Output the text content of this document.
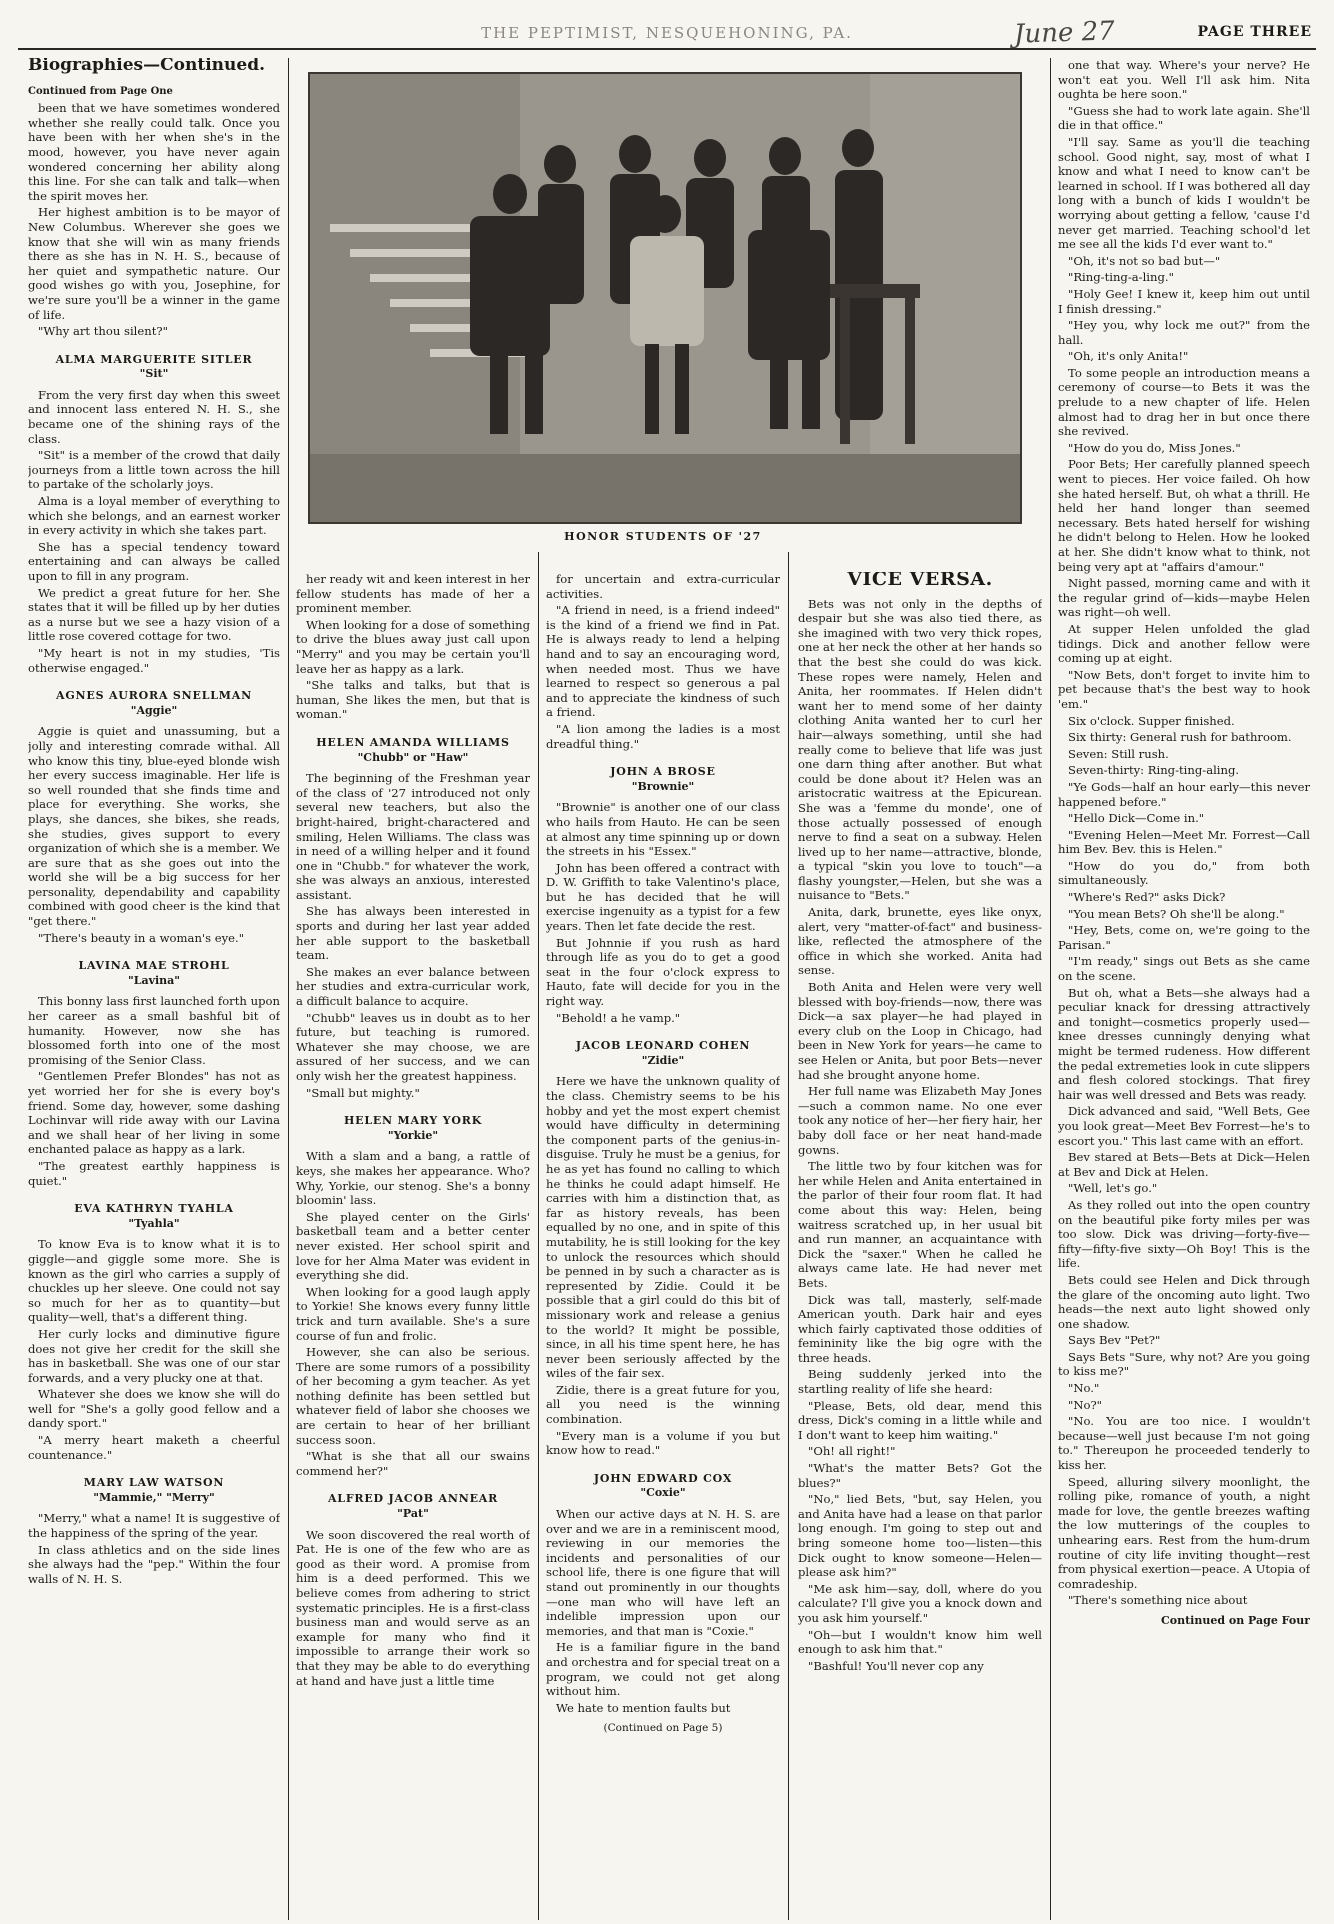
THE PEPTIMIST, NESQUEHONING, PA.	June 27	PAGE THREE
HONOR STUDENTS OF '27

Biographies—Continued.

Continued from Page One

been that we have sometimes wondered whether she really could talk. Once you have been with her when she's in the mood, however, you have never again wondered concerning her ability along this line. For she can talk and talk—when the spirit moves her.

Her highest ambition is to be mayor of New Columbus. Wherever she goes we know that she will win as many friends there as she has in N. H. S., because of her quiet and sympathetic nature. Our good wishes go with you, Josephine, for we're sure you'll be a winner in the game of life.

"Why art thou silent?"

ALMA MARGUERITE SITLER
"Sit"

From the very first day when this sweet and innocent lass entered N. H. S., she became one of the shining rays of the class.

"Sit" is a member of the crowd that daily journeys from a little town across the hill to partake of the scholarly joys.

Alma is a loyal member of everything to which she belongs, and an earnest worker in every activity in which she takes part.

She has a special tendency toward entertaining and can always be called upon to fill in any program.

We predict a great future for her. She states that it will be filled up by her duties as a nurse but we see a hazy vision of a little rose covered cottage for two.

"My heart is not in my studies, 'Tis otherwise engaged."

AGNES AURORA SNELLMAN
"Aggie"

Aggie is quiet and unassuming, but a jolly and interesting comrade withal. All who know this tiny, blue-eyed blonde wish her every success imaginable. Her life is so well rounded that she finds time and place for everything. She works, she plays, she dances, she bikes, she reads, she studies, gives support to every organization of which she is a member. We are sure that as she goes out into the world she will be a big success for her personality, dependability and capability combined with good cheer is the kind that "get there."

"There's beauty in a woman's eye."

LAVINA MAE STROHL
"Lavina"

This bonny lass first launched forth upon her career as a small bashful bit of humanity. However, now she has blossomed forth into one of the most promising of the Senior Class.

"Gentlemen Prefer Blondes" has not as yet worried her for she is every boy's friend. Some day, however, some dashing Lochinvar will ride away with our Lavina and we shall hear of her living in some enchanted palace as happy as a lark.

"The greatest earthly happiness is quiet."

EVA KATHRYN TYAHLA
"Tyahla"

To know Eva is to know what it is to giggle—and giggle some more. She is known as the girl who carries a supply of chuckles up her sleeve. One could not say so much for her as to quantity—but quality—well, that's a different thing.

Her curly locks and diminutive figure does not give her credit for the skill she has in basketball. She was one of our star forwards, and a very plucky one at that.

Whatever she does we know she will do well for "She's a golly good fellow and a dandy sport."

"A merry heart maketh a cheerful countenance."

MARY LAW WATSON
"Mammie," "Merry"

"Merry," what a name! It is suggestive of the happiness of the spring of the year.

In class athletics and on the side lines she always had the "pep." Within the four walls of N. H. S.

her ready wit and keen interest in her fellow students has made of her a prominent member.

When looking for a dose of something to drive the blues away just call upon "Merry" and you may be certain you'll leave her as happy as a lark.

"She talks and talks, but that is human, She likes the men, but that is woman."

HELEN AMANDA WILLIAMS
"Chubb" or "Haw"

The beginning of the Freshman year of the class of '27 introduced not only several new teachers, but also the bright-haired, bright-charactered and smiling, Helen Williams. The class was in need of a willing helper and it found one in "Chubb." for whatever the work, she was always an anxious, interested assistant.

She has always been interested in sports and during her last year added her able support to the basketball team.

She makes an ever balance between her studies and extra-curricular work, a difficult balance to acquire.

"Chubb" leaves us in doubt as to her future, but teaching is rumored. Whatever she may choose, we are assured of her success, and we can only wish her the greatest happiness.

"Small but mighty."

HELEN MARY YORK
"Yorkie"

With a slam and a bang, a rattle of keys, she makes her appearance. Who? Why, Yorkie, our stenog. She's a bonny bloomin' lass.

She played center on the Girls' basketball team and a better center never existed. Her school spirit and love for her Alma Mater was evident in everything she did.

When looking for a good laugh apply to Yorkie! She knows every funny little trick and turn available. She's a sure course of fun and frolic.

However, she can also be serious. There are some rumors of a possibility of her becoming a gym teacher. As yet nothing definite has been settled but whatever field of labor she chooses we are certain to hear of her brilliant success soon.

"What is she that all our swains commend her?"

ALFRED JACOB ANNEAR
"Pat"

We soon discovered the real worth of Pat. He is one of the few who are as good as their word. A promise from him is a deed performed. This we believe comes from adhering to strict systematic principles. He is a first-class business man and would serve as an example for many who find it impossible to arrange their work so that they may be able to do everything at hand and have just a little time

for uncertain and extra-curricular activities.

"A friend in need, is a friend indeed" is the kind of a friend we find in Pat. He is always ready to lend a helping hand and to say an encouraging word, when needed most. Thus we have learned to respect so generous a pal and to appreciate the kindness of such a friend.

"A lion among the ladies is a most dreadful thing."

JOHN A BROSE
"Brownie"

"Brownie" is another one of our class who hails from Hauto. He can be seen at almost any time spinning up or down the streets in his "Essex."

John has been offered a contract with D. W. Griffith to take Valentino's place, but he has decided that he will exercise ingenuity as a typist for a few years. Then let fate decide the rest.

But Johnnie if you rush as hard through life as you do to get a good seat in the four o'clock express to Hauto, fate will decide for you in the right way.

"Behold! a he vamp."

JACOB LEONARD COHEN
"Zidie"

Here we have the unknown quality of the class. Chemistry seems to be his hobby and yet the most expert chemist would have difficulty in determining the component parts of the genius-in-disguise. Truly he must be a genius, for he as yet has found no calling to which he thinks he could adapt himself. He carries with him a distinction that, as far as history reveals, has been equalled by no one, and in spite of this mutability, he is still looking for the key to unlock the resources which should be penned in by such a character as is represented by Zidie. Could it be possible that a girl could do this bit of missionary work and release a genius to the world? It might be possible, since, in all his time spent here, he has never been seriously affected by the wiles of the fair sex.

Zidie, there is a great future for you, all you need is the winning combination.

"Every man is a volume if you but know how to read."

JOHN EDWARD COX
"Coxie"

When our active days at N. H. S. are over and we are in a reminiscent mood, reviewing in our memories the incidents and personalities of our school life, there is one figure that will stand out prominently in our thoughts—one man who will have left an indelible impression upon our memories, and that man is "Coxie."

He is a familiar figure in the band and orchestra and for special treat on a program, we could not get along without him.

We hate to mention faults but

(Continued on Page 5)
VICE VERSA.

Bets was not only in the depths of despair but she was also tied there, as she imagined with two very thick ropes, one at her neck the other at her hands so that the best she could do was kick. These ropes were namely, Helen and Anita, her roommates. If Helen didn't want her to mend some of her dainty clothing Anita wanted her to curl her hair—always something, until she had really come to believe that life was just one darn thing after another. But what could be done about it? Helen was an aristocratic waitress at the Epicurean. She was a 'femme du monde', one of those actually possessed of enough nerve to find a seat on a subway. Helen lived up to her name—attractive, blonde, a typical "skin you love to touch"—a flashy youngster,—Helen, but she was a nuisance to "Bets."

Anita, dark, brunette, eyes like onyx, alert, very "matter-of-fact" and business-like, reflected the atmosphere of the office in which she worked. Anita had sense.

Both Anita and Helen were very well blessed with boy-friends—now, there was Dick—a sax player—he had played in every club on the Loop in Chicago, had been in New York for years—he came to see Helen or Anita, but poor Bets—never had she brought anyone home.

Her full name was Elizabeth May Jones—such a common name. No one ever took any notice of her—her fiery hair, her baby doll face or her neat hand-made gowns.

The little two by four kitchen was for her while Helen and Anita entertained in the parlor of their four room flat. It had come about this way: Helen, being waitress scratched up, in her usual bit and run manner, an acquaintance with Dick the "saxer." When he called he always came late. He had never met Bets.

Dick was tall, masterly, self-made American youth. Dark hair and eyes which fairly captivated those oddities of femininity like the big ogre with the three heads.

Being suddenly jerked into the startling reality of life she heard:

"Please, Bets, old dear, mend this dress, Dick's coming in a little while and I don't want to keep him waiting."

"Oh! all right!"

"What's the matter Bets? Got the blues?"

"No," lied Bets, "but, say Helen, you and Anita have had a lease on that parlor long enough. I'm going to step out and bring someone home too—listen—this Dick ought to know someone—Helen—please ask him?"

"Me ask him—say, doll, where do you calculate? I'll give you a knock down and you ask him yourself."

"Oh—but I wouldn't know him well enough to ask him that."

"Bashful! You'll never cop any

one that way. Where's your nerve? He won't eat you. Well I'll ask him. Nita oughta be here soon."

"Guess she had to work late again. She'll die in that office."

"I'll say. Same as you'll die teaching school. Good night, say, most of what I know and what I need to know can't be learned in school. If I was bothered all day long with a bunch of kids I wouldn't be worrying about getting a fellow, 'cause I'd never get married. Teaching school'd let me see all the kids I'd ever want to."

"Oh, it's not so bad but—"

"Ring-ting-a-ling."

"Holy Gee! I knew it, keep him out until I finish dressing."

"Hey you, why lock me out?" from the hall.

"Oh, it's only Anita!"

To some people an introduction means a ceremony of course—to Bets it was the prelude to a new chapter of life. Helen almost had to drag her in but once there she revived.

"How do you do, Miss Jones."

Poor Bets; Her carefully planned speech went to pieces. Her voice failed. Oh how she hated herself. But, oh what a thrill. He held her hand longer than seemed necessary. Bets hated herself for wishing he didn't belong to Helen. How he looked at her. She didn't know what to think, not being very apt at "affairs d'amour."

Night passed, morning came and with it the regular grind of—kids—maybe Helen was right—oh well.

At supper Helen unfolded the glad tidings. Dick and another fellow were coming up at eight.

"Now Bets, don't forget to invite him to pet because that's the best way to hook 'em."

Six o'clock. Supper finished.

Six thirty: General rush for bathroom.

Seven: Still rush.

Seven-thirty: Ring-ting-aling.

"Ye Gods—half an hour early—this never happened before."

"Hello Dick—Come in."

"Evening Helen—Meet Mr. Forrest—Call him Bev. Bev. this is Helen."

"How do you do," from both simultaneously.

"Where's Red?" asks Dick?

"You mean Bets? Oh she'll be along."

"Hey, Bets, come on, we're going to the Parisan."

"I'm ready," sings out Bets as she came on the scene.

But oh, what a Bets—she always had a peculiar knack for dressing attractively and tonight—cosmetics properly used—knee dresses cunningly denying what might be termed rudeness. How different the pedal extremeties look in cute slippers and flesh colored stockings. That firey hair was well dressed and Bets was ready.

Dick advanced and said, "Well Bets, Gee you look great—Meet Bev Forrest—he's to escort you." This last came with an effort.

Bev stared at Bets—Bets at Dick—Helen at Bev and Dick at Helen.

"Well, let's go."

As they rolled out into the open country on the beautiful pike forty miles per was too slow. Dick was driving—forty-five—fifty—fifty-five sixty—Oh Boy! This is the life.

Bets could see Helen and Dick through the glare of the oncoming auto light. Two heads—the next auto light showed only one shadow.

Says Bev "Pet?"

Says Bets "Sure, why not? Are you going to kiss me?"

"No."

"No?"

"No. You are too nice. I wouldn't because—well just because I'm not going to." Thereupon he proceeded tenderly to kiss her.

Speed, alluring silvery moonlight, the rolling pike, romance of youth, a night made for love, the gentle breezes wafting the low mutterings of the couples to unhearing ears. Rest from the hum-drum routine of city life inviting thought—rest from physical exertion—peace. A Utopia of comradeship.

"There's something nice about

Continued on Page Four
